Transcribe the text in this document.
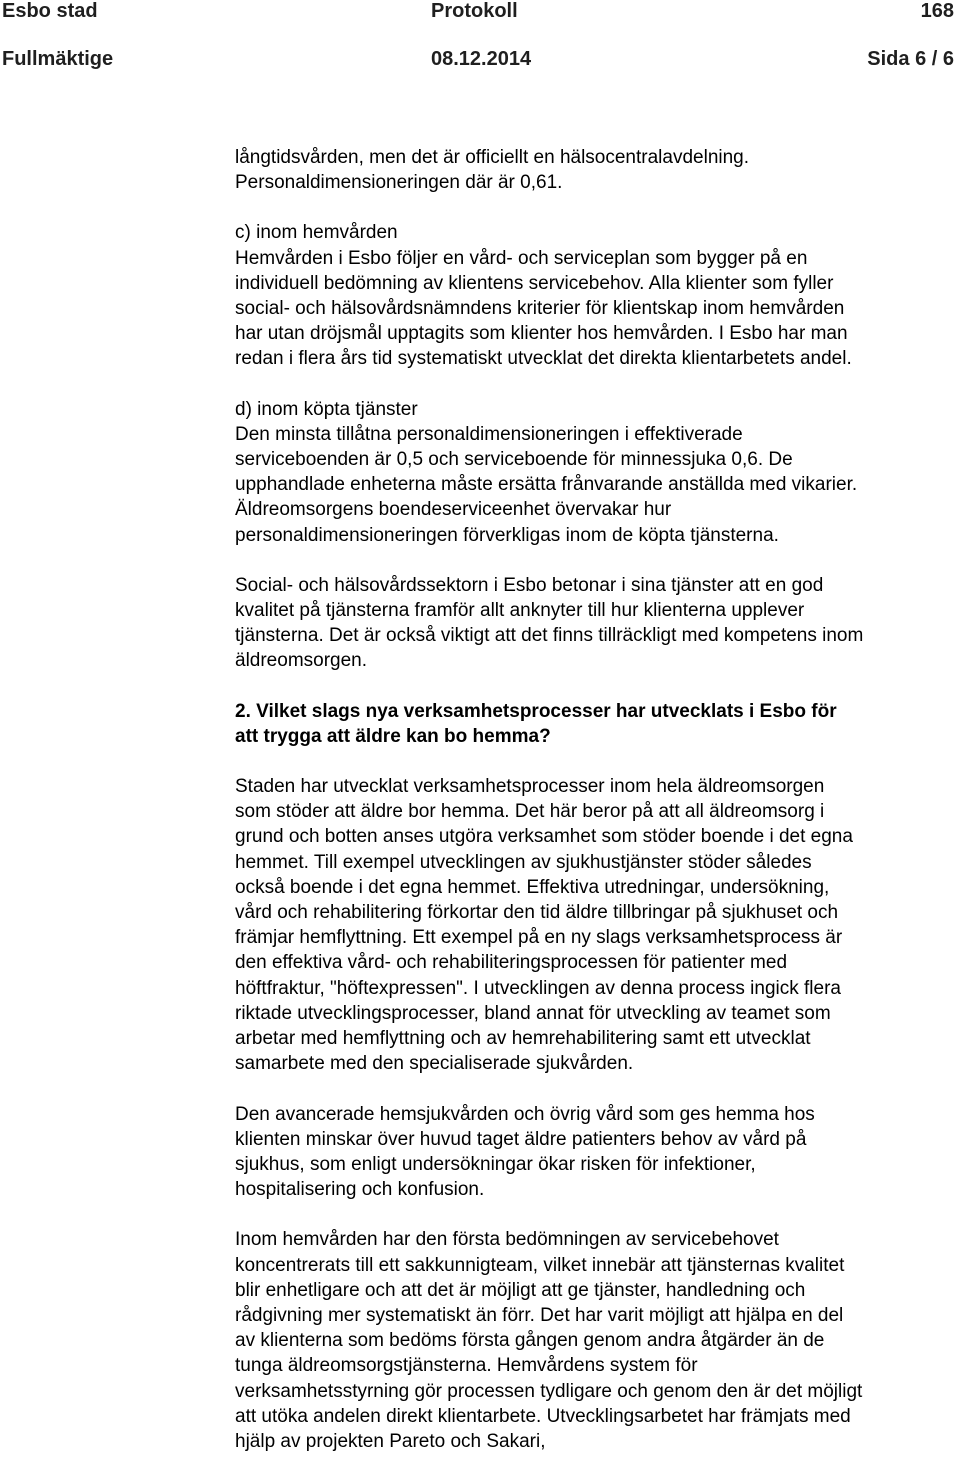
Esbo stad	Protokoll	168
Fullmäktige	08.12.2014	Sida 6 / 6
långtidsvården, men det är officiellt en hälsocentralavdelning.
Personaldimensioneringen där är 0,61.
c) inom hemvården
Hemvården i Esbo följer en vård- och serviceplan som bygger på en
individuell bedömning av klientens servicebehov. Alla klienter som fyller
social- och hälsovårdsnämndens kriterier för klientskap inom hemvården
har utan dröjsmål upptagits som klienter hos hemvården. I Esbo har man
redan i flera års tid systematiskt utvecklat det direkta klientarbetets andel.
d) inom köpta tjänster
Den minsta tillåtna personaldimensioneringen i effektiverade
serviceboenden är 0,5 och serviceboende för minnessjuka 0,6. De
upphandlade enheterna måste ersätta frånvarande anställda med vikarier.
Äldreomsorgens boendeserviceenhet övervakar hur
personaldimensioneringen förverkligas inom de köpta tjänsterna.
Social- och hälsovårdssektorn i Esbo betonar i sina tjänster att en god
kvalitet på tjänsterna framför allt anknyter till hur klienterna upplever
tjänsterna. Det är också viktigt att det finns tillräckligt med kompetens inom
äldreomsorgen.
2. Vilket slags nya verksamhetsprocesser har utvecklats i Esbo för
att trygga att äldre kan bo hemma?
Staden har utvecklat verksamhetsprocesser inom hela äldreomsorgen
som stöder att äldre bor hemma. Det här beror på att all äldreomsorg i
grund och botten anses utgöra verksamhet som stöder boende i det egna
hemmet. Till exempel utvecklingen av sjukhustjänster stöder således
också boende i det egna hemmet. Effektiva utredningar, undersökning,
vård och rehabilitering förkortar den tid äldre tillbringar på sjukhuset och
främjar hemflyttning. Ett exempel på en ny slags verksamhetsprocess är
den effektiva vård- och rehabiliteringsprocessen för patienter med
höftfraktur, "höftexpressen". I utvecklingen av denna process ingick flera
riktade utvecklingsprocesser, bland annat för utveckling av teamet som
arbetar med hemflyttning och av hemrehabilitering samt ett utvecklat
samarbete med den specialiserade sjukvården.
Den avancerade hemsjukvården och övrig vård som ges hemma hos
klienten minskar över huvud taget äldre patienters behov av vård på
sjukhus, som enligt undersökningar ökar risken för infektioner,
hospitalisering och konfusion.
Inom hemvården har den första bedömningen av servicebehovet
koncentrerats till ett sakkunnigteam, vilket innebär att tjänsternas kvalitet
blir enhetligare och att det är möjligt att ge tjänster, handledning och
rådgivning mer systematiskt än förr. Det har varit möjligt att hjälpa en del
av klienterna som bedöms första gången genom andra åtgärder än de
tunga äldreomsorgstjänsterna. Hemvårdens system för
verksamhetsstyrning gör processen tydligare och genom den är det möjligt
att utöka andelen direkt klientarbete. Utvecklingsarbetet har främjats med
hjälp av projekten Pareto och Sakari,
